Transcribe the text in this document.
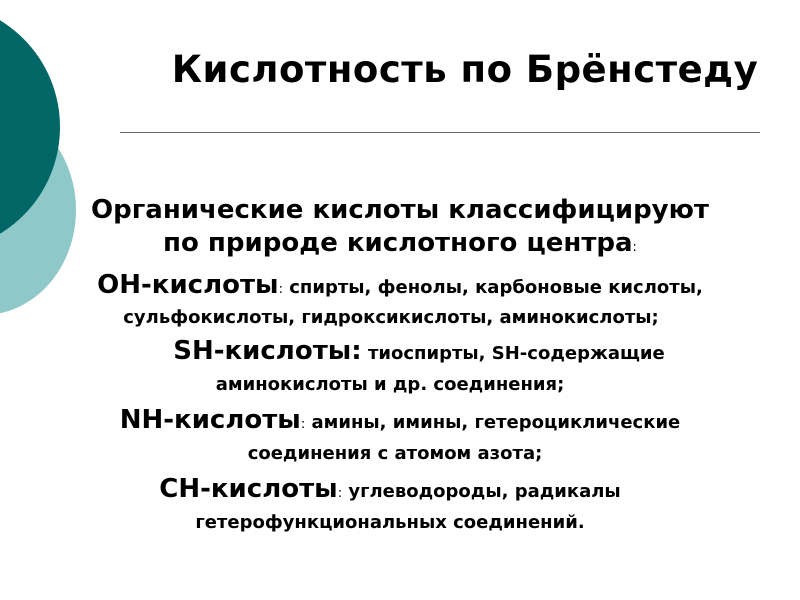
Кислотность по Брёнстеду
Органические кислоты классифицируют
по природе кислотного центра:
ОН-кислоты: спирты, фенолы, карбоновые кислоты,
сульфокислоты, гидроксикислоты, аминокислоты;
SH-кислоты: тиоспирты, SH-содержащие
аминокислоты и др. соединения;
NH-кислоты: амины, имины, гетероциклические
соединения с атомом азота;
СН-кислоты: углеводороды, радикалы
гетерофункциональных соединений.
